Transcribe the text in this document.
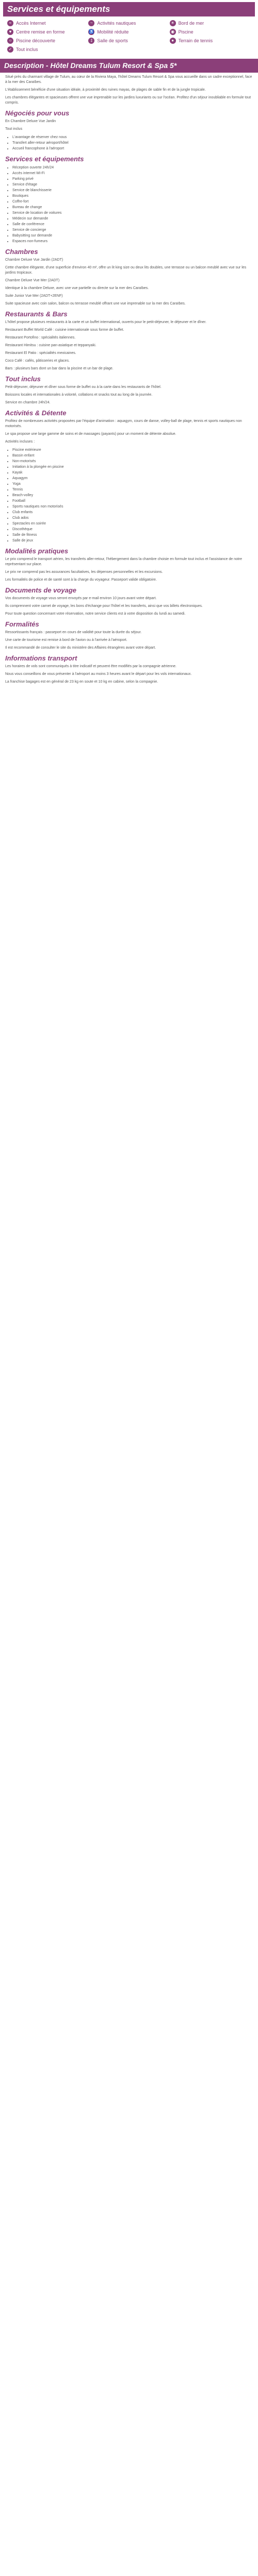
Services et équipements
≈ Accès Internet	~ Activités nautiques	☀ Bord de mer
♥ Centre remise en forme	♿ Mobilité réduite	◉ Piscine
○ Piscine découverte	‡ Salle de sports	● Terrain de tennis
✓ Tout inclus
Description - Hôtel Dreams Tulum Resort & Spa 5*

Situé près du charmant village de Tulum, au cœur de la Riviera Maya, l'hôtel Dreams Tulum Resort & Spa vous accueille dans un cadre exceptionnel, face à la mer des Caraïbes.

L'établissement bénéficie d'une situation idéale, à proximité des ruines mayas, de plages de sable fin et de la jungle tropicale.

Les chambres élégantes et spacieuses offrent une vue imprenable sur les jardins luxuriants ou sur l'océan. Profitez d'un séjour inoubliable en formule tout compris.

Négociés pour vous

En Chambre Deluxe Vue Jardin

Tout inclus

• L'avantage de réserver chez nous
• Transfert aller-retour aéroport/hôtel
• Accueil francophone à l'aéroport
Services et équipements
• Réception ouverte 24h/24
• Accès internet Wi-Fi
• Parking privé
• Service d'étage
• Service de blanchisserie
• Boutiques
• Coffre-fort
• Bureau de change
• Service de location de voitures
• Médecin sur demande
• Salle de conférence
• Service de concierge
• Babysitting sur demande
• Espaces non-fumeurs
Chambres

Chambre Deluxe Vue Jardin (2ADT)

Cette chambre élégante, d'une superficie d'environ 40 m², offre un lit king size ou deux lits doubles, une terrasse ou un balcon meublé avec vue sur les jardins tropicaux.

Chambre Deluxe Vue Mer (2ADT)

Identique à la chambre Deluxe, avec une vue partielle ou directe sur la mer des Caraïbes.

Suite Junior Vue Mer (2ADT+2ENF)

Suite spacieuse avec coin salon, balcon ou terrasse meublé offrant une vue imprenable sur la mer des Caraïbes.

Restaurants & Bars

L'hôtel propose plusieurs restaurants à la carte et un buffet international, ouverts pour le petit-déjeuner, le déjeuner et le dîner.

Restaurant Buffet World Café : cuisine internationale sous forme de buffet.

Restaurant Portofino : spécialités italiennes.

Restaurant Himitsu : cuisine pan-asiatique et teppanyaki.

Restaurant El Patio : spécialités mexicaines.

Coco Café : cafés, pâtisseries et glaces.

Bars : plusieurs bars dont un bar dans la piscine et un bar de plage.

Tout inclus

Petit-déjeuner, déjeuner et dîner sous forme de buffet ou à la carte dans les restaurants de l'hôtel.

Boissons locales et internationales à volonté, collations et snacks tout au long de la journée.

Service en chambre 24h/24.

Activités & Détente

Profitez de nombreuses activités proposées par l'équipe d'animation : aquagym, cours de danse, volley-ball de plage, tennis et sports nautiques non motorisés.

Le spa propose une large gamme de soins et de massages (payants) pour un moment de détente absolue.

Activités incluses :

• Piscine extérieure
• Bassin enfant
• Non-motorisés
• Initiation à la plongée en piscine
• Kayak
• Aquagym
• Yoga
• Tennis
• Beach-volley
• Football
• Sports nautiques non motorisés
• Club enfants
• Club ados
• Spectacles en soirée
• Discothèque
• Salle de fitness
• Salle de jeux
Modalités pratiques

Le prix comprend le transport aérien, les transferts aller-retour, l'hébergement dans la chambre choisie en formule tout inclus et l'assistance de notre représentant sur place.

Le prix ne comprend pas les assurances facultatives, les dépenses personnelles et les excursions.

Les formalités de police et de santé sont à la charge du voyageur. Passeport valide obligatoire.

Documents de voyage

Vos documents de voyage vous seront envoyés par e-mail environ 10 jours avant votre départ.

Ils comprennent votre carnet de voyage, les bons d'échange pour l'hôtel et les transferts, ainsi que vos billets électroniques.

Pour toute question concernant votre réservation, notre service clients est à votre disposition du lundi au samedi.

Formalités

Ressortissants français : passeport en cours de validité pour toute la durée du séjour.

Une carte de tourisme est remise à bord de l'avion ou à l'arrivée à l'aéroport.

Il est recommandé de consulter le site du ministère des Affaires étrangères avant votre départ.

Informations transport

Les horaires de vols sont communiqués à titre indicatif et peuvent être modifiés par la compagnie aérienne.

Nous vous conseillons de vous présenter à l'aéroport au moins 3 heures avant le départ pour les vols internationaux.

La franchise bagages est en général de 23 kg en soute et 10 kg en cabine, selon la compagnie.
